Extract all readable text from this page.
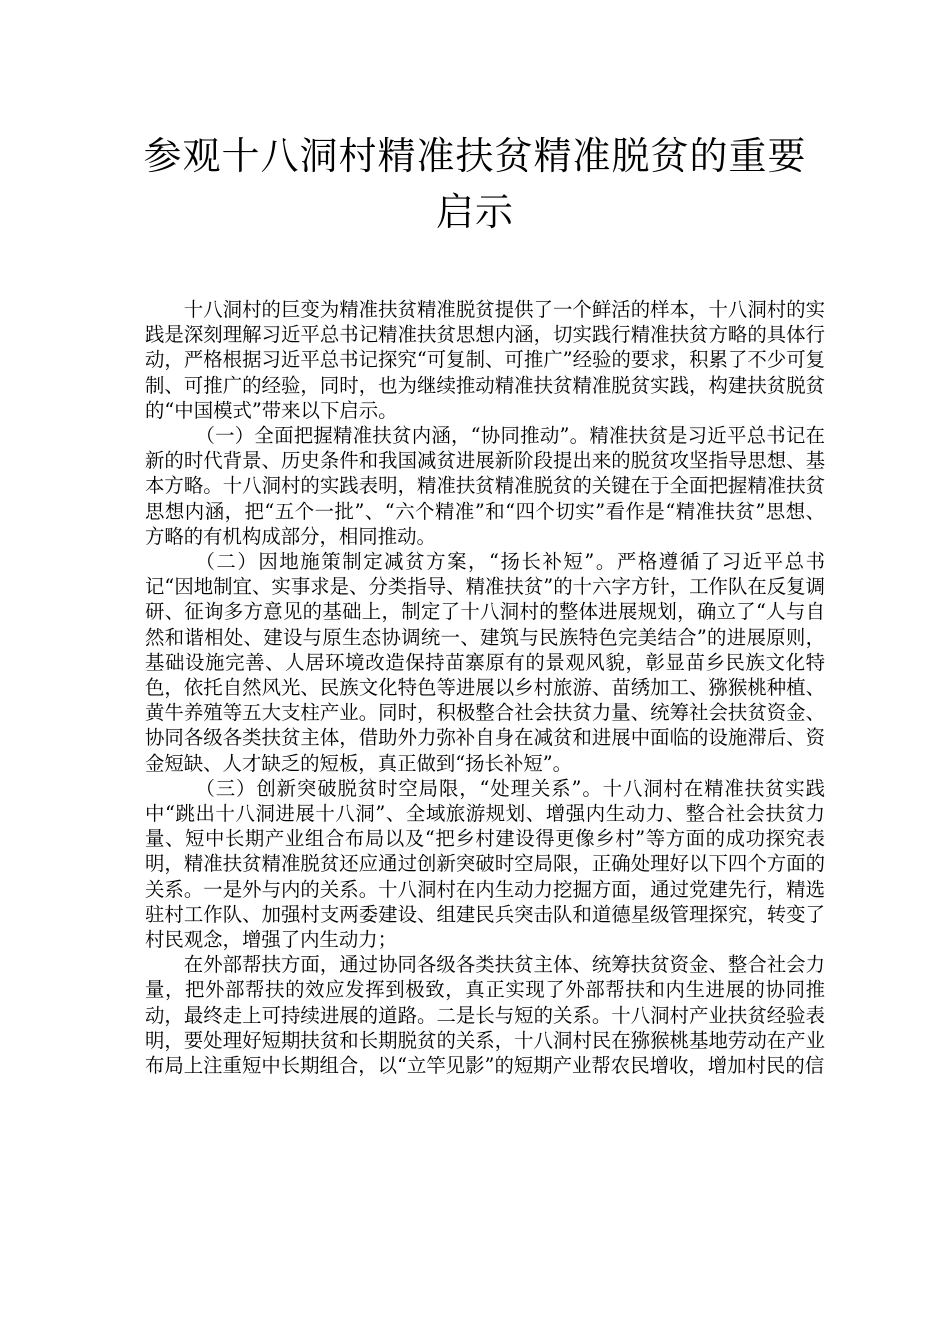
参观十八洞村精准扶贫精准脱贫的重要
启示

十八洞村的巨变为精准扶贫精准脱贫提供了一个鲜活的样本，十八洞村的实践是深刻理解习近平总书记精准扶贫思想内涵，切实践行精准扶贫方略的具体行动，严格根据习近平总书记探究“可复制、可推广”经验的要求，积累了不少可复制、可推广的经验，同时，也为继续推动精准扶贫精准脱贫实践，构建扶贫脱贫的“中国模式”带来以下启示。

（一）全面把握精准扶贫内涵，“协同推动”。精准扶贫是习近平总书记在新的时代背景、历史条件和我国减贫进展新阶段提出来的脱贫攻坚指导思想、基本方略。十八洞村的实践表明，精准扶贫精准脱贫的关键在于全面把握精准扶贫思想内涵，把“五个一批”、“六个精准”和“四个切实”看作是“精准扶贫”思想、方略的有机构成部分，相同推动。

（二）因地施策制定减贫方案，“扬长补短”。严格遵循了习近平总书记“因地制宜、实事求是、分类指导、精准扶贫”的十六字方针，工作队在反复调研、征询多方意见的基础上，制定了十八洞村的整体进展规划，确立了“人与自然和谐相处、建设与原生态协调统一、建筑与民族特色完美结合”的进展原则，基础设施完善、人居环境改造保持苗寨原有的景观风貌，彰显苗乡民族文化特色，依托自然风光、民族文化特色等进展以乡村旅游、苗绣加工、猕猴桃种植、黄牛养殖等五大支柱产业。同时，积极整合社会扶贫力量、统筹社会扶贫资金、协同各级各类扶贫主体，借助外力弥补自身在减贫和进展中面临的设施滞后、资金短缺、人才缺乏的短板，真正做到“扬长补短”。

（三）创新突破脱贫时空局限，“处理关系”。十八洞村在精准扶贫实践中“跳出十八洞进展十八洞”、全域旅游规划、增强内生动力、整合社会扶贫力量、短中长期产业组合布局以及“把乡村建设得更像乡村”等方面的成功探究表明，精准扶贫精准脱贫还应通过创新突破时空局限，正确处理好以下四个方面的关系。一是外与内的关系。十八洞村在内生动力挖掘方面，通过党建先行，精选驻村工作队、加强村支两委建设、组建民兵突击队和道德星级管理探究，转变了村民观念，增强了内生动力；

在外部帮扶方面，通过协同各级各类扶贫主体、统筹扶贫资金、整合社会力量，把外部帮扶的效应发挥到极致，真正实现了外部帮扶和内生进展的协同推动，最终走上可持续进展的道路。二是长与短的关系。十八洞村产业扶贫经验表明，要处理好短期扶贫和长期脱贫的关系，十八洞村民在猕猴桃基地劳动在产业布局上注重短中长期组合，以“立竿见影”的短期产业帮农民增收，增加村民的信
